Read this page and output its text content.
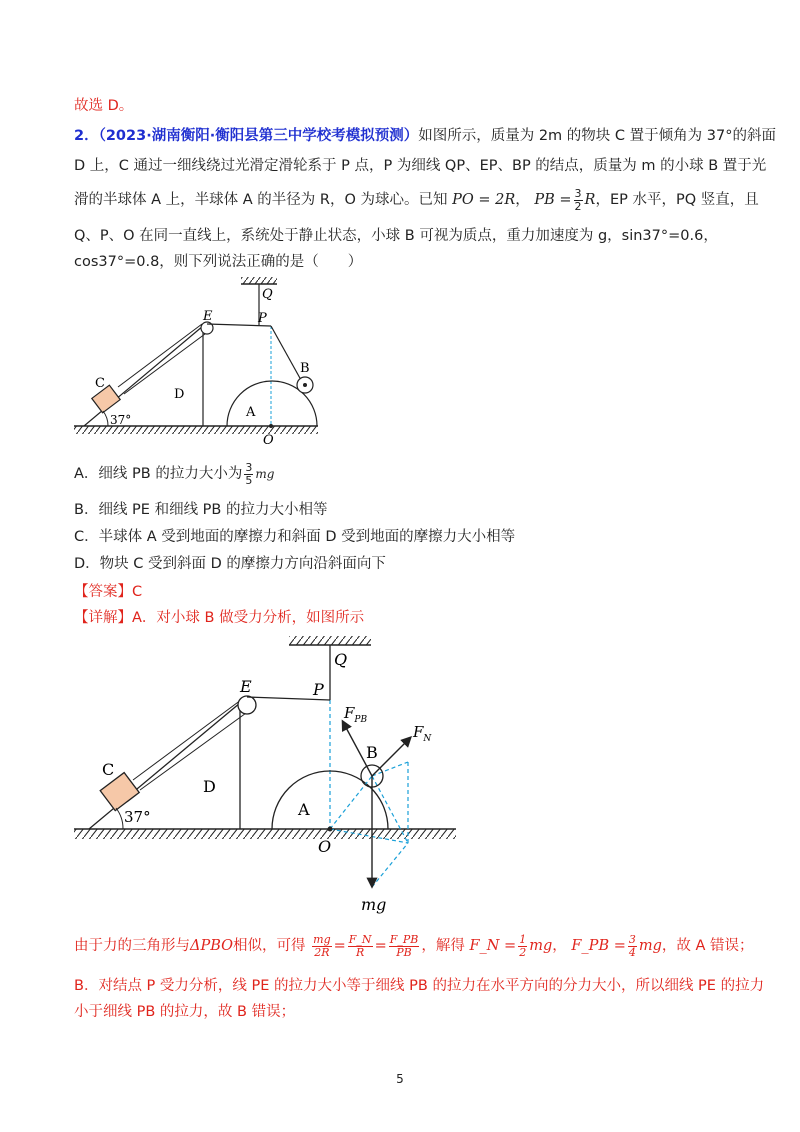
故选 D。
2．（2023·湖南衡阳·衡阳县第三中学校考模拟预测）如图所示，质量为 2m 的物块 C 置于倾角为 37°的斜面
D 上，C 通过一细线绕过光滑定滑轮系于 P 点，P 为细线 QP、EP、BP 的结点，质量为 m 的小球 B 置于光
滑的半球体 A 上，半球体 A 的半径为 R，O 为球心。已知 PO = 2R， PB = $\frac{3}{2}$ R，EP 水平，PQ 竖直，且
Q、P、O 在同一直线上，系统处于静止状态，小球 B 可视为质点，重力加速度为 g，sin37°=0.6，
cos37°=0.8，则下列说法正确的是（　　）
Q
E	P
B
C
D
A
O
37°
A．细线 PB 的拉力大小为 $\frac{3}{5}$ mg
B．细线 PE 和细线 PB 的拉力大小相等
C．半球体 A 受到地面的摩擦力和斜面 D 受到地面的摩擦力大小相等
D．物块 C 受到斜面 D 的摩擦力方向沿斜面向下
【答案】C
【详解】A．对小球 B 做受力分析，如图所示
Q
E	P
$F_{PB}$
$F_N$
B
C
D
A
O
37°
mg
由于力的三角形与ΔPBO相似，可得 $\frac{mg}{2R} = \frac{F\_N}{R} = \frac{F\_PB}{PB}$ ，解得 F_N = $\frac{1}{2}$ mg， F_PB = $\frac{3}{4}$ mg，故 A 错误；
B．对结点 P 受力分析，线 PE 的拉力大小等于细线 PB 的拉力在水平方向的分力大小，所以细线 PE 的拉力
小于细线 PB 的拉力，故 B 错误；
5
